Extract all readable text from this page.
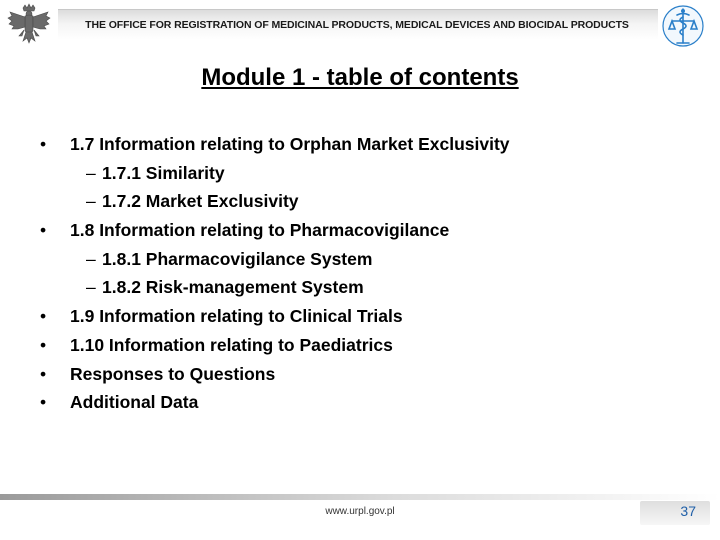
THE OFFICE FOR REGISTRATION OF MEDICINAL PRODUCTS, MEDICAL DEVICES AND BIOCIDAL PRODUCTS
Module 1 - table of contents
•	1.7 Information relating to Orphan Market Exclusivity
– 1.7.1 Similarity
– 1.7.2 Market Exclusivity
•	1.8 Information relating to Pharmacovigilance
– 1.8.1 Pharmacovigilance System
– 1.8.2 Risk-management System
•	1.9 Information relating to Clinical Trials
•	1.10 Information relating to Paediatrics
•	Responses to Questions
•	Additional Data
www.urpl.gov.pl	37
